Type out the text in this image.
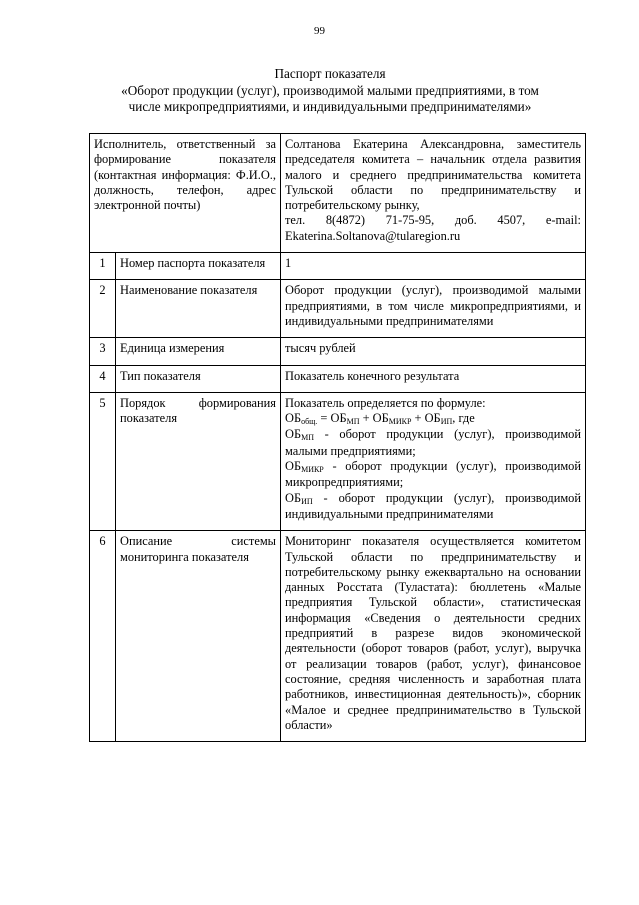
99
Паспорт показателя
«Оборот продукции (услуг), производимой малыми предприятиями, в том
числе микропредприятиями, и индивидуальными предпринимателями»
Исполнитель, ответственный за формирование показателя (контактная информация: Ф.И.О., должность, телефон, адрес электронной почты)		Солтанова Екатерина Александровна, заместитель председателя комитета – начальник отдела развития малого и среднего предпринимательства комитета Тульской области по предпринимательству и потребительскому рынку,
тел. 8(4872) 71-75-95, доб. 4507, e-mail: Ekaterina.Soltanova@tularegion.ru

1	Номер паспорта показателя	1
2	Наименование показателя	Оборот продукции (услуг), производимой малыми предприятиями, в том числе микропредприятиями, и индивидуальными предпринимателями
3	Единица измерения	тысяч рублей
4	Тип показателя	Показатель конечного результата
5	Порядок формирования показателя	Показатель определяется по формуле:
$ОБ_{общ.} = ОБ_{МП} + ОБ_{МИКР} + ОБ_{ИП}$, где
$ОБ_{МП}$ - оборот продукции (услуг), производимой малыми предприятиями;
$ОБ_{МИКР}$ - оборот продукции (услуг), производимой микропредприятиями;
$ОБ_{ИП}$ - оборот продукции (услуг), производимой индивидуальными предпринимателями

6	Описание системы мониторинга показателя	Мониторинг показателя осуществляется комитетом Тульской области по предпринимательству и потребительскому рынку ежеквартально на основании данных Росстата (Туластата): бюллетень «Малые предприятия Тульской области», статистическая информация «Сведения о деятельности средних предприятий в разрезе видов экономической деятельности (оборот товаров (работ, услуг), выручка от реализации товаров (работ, услуг), финансовое состояние, средняя численность и заработная плата работников, инвестиционная деятельность)», сборник «Малое и среднее предпринимательство в Тульской области»
